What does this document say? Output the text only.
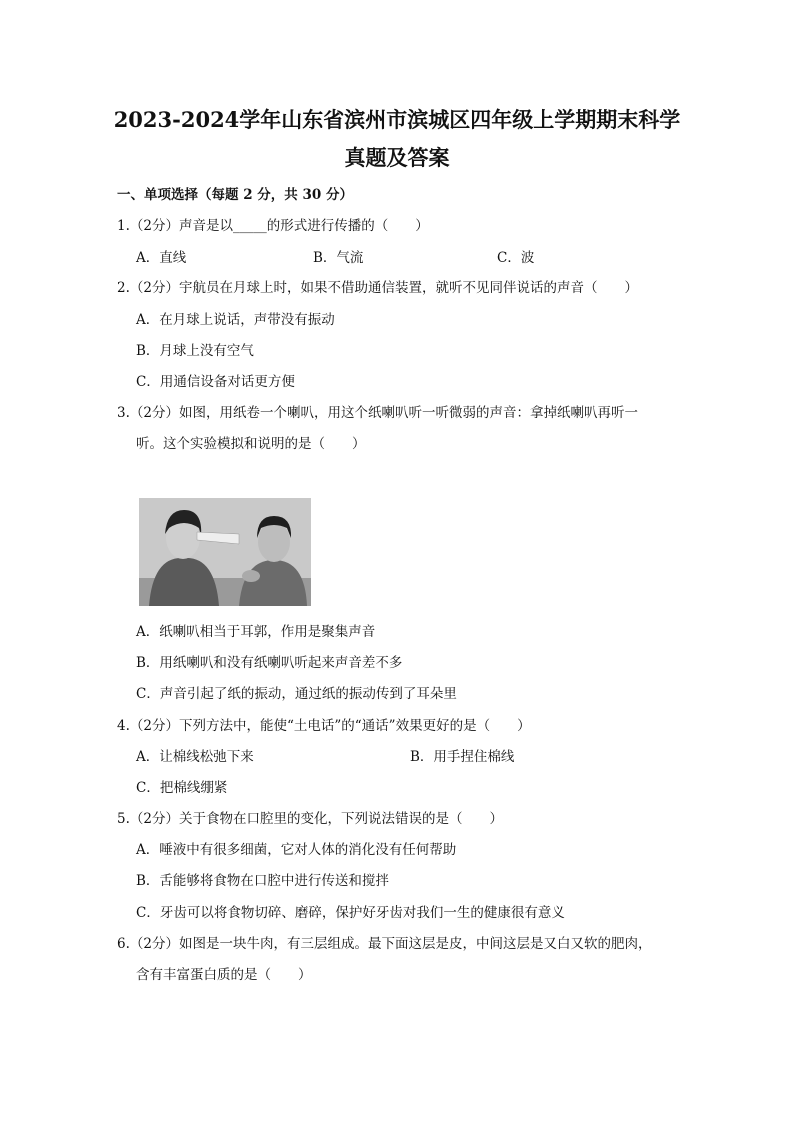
2023-2024学年山东省滨州市滨城区四年级上学期期末科学
真题及答案
一、单项选择（每题 2 分，共 30 分）
1.（2分）声音是以_____的形式进行传播的（　　）
A．直线	B．气流	C．波
2.（2分）宇航员在月球上时，如果不借助通信装置，就听不见同伴说话的声音（　　）
A．在月球上说话，声带没有振动
B．月球上没有空气
C．用通信设备对话更方便
3.（2分）如图，用纸卷一个喇叭，用这个纸喇叭听一听微弱的声音：拿掉纸喇叭再听一
听。这个实验模拟和说明的是（　　）
A．纸喇叭相当于耳郭，作用是聚集声音
B．用纸喇叭和没有纸喇叭听起来声音差不多
C．声音引起了纸的振动，通过纸的振动传到了耳朵里
4.（2分）下列方法中，能使“土电话”的“通话”效果更好的是（　　）
A．让棉线松弛下来	B．用手捏住棉线
C．把棉线绷紧
5.（2分）关于食物在口腔里的变化，下列说法错误的是（　　）
A．唾液中有很多细菌，它对人体的消化没有任何帮助
B．舌能够将食物在口腔中进行传送和搅拌
C．牙齿可以将食物切碎、磨碎，保护好牙齿对我们一生的健康很有意义
6.（2分）如图是一块牛肉，有三层组成。最下面这层是皮，中间这层是又白又软的肥肉，
含有丰富蛋白质的是（　　）
